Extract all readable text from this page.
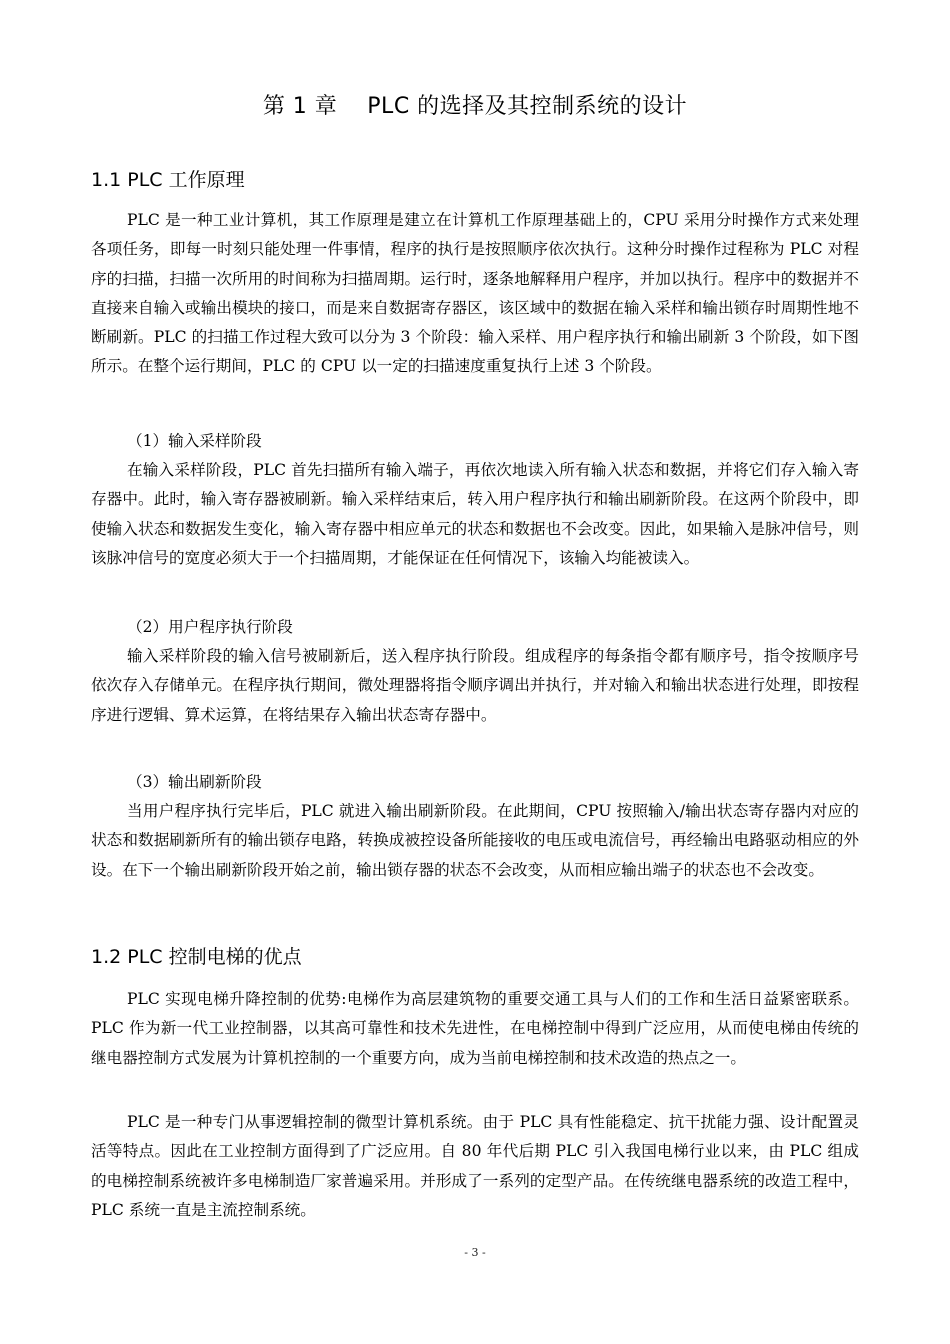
第 1 章　 PLC 的选择及其控制系统的设计
1.1 PLC 工作原理

PLC 是一种工业计算机，其工作原理是建立在计算机工作原理基础上的，CPU 采用分时操作方式来处理各项任务，即每一时刻只能处理一件事情，程序的执行是按照顺序依次执行。这种分时操作过程称为 PLC 对程序的扫描，扫描一次所用的时间称为扫描周期。运行时，逐条地解释用户程序，并加以执行。程序中的数据并不直接来自输入或输出模块的接口，而是来自数据寄存器区，该区域中的数据在输入采样和输出锁存时周期性地不断刷新。PLC 的扫描工作过程大致可以分为 3 个阶段：输入采样、用户程序执行和输出刷新 3 个阶段，如下图所示。在整个运行期间，PLC 的 CPU 以一定的扫描速度重复执行上述 3 个阶段。

（1）输入采样阶段

在输入采样阶段，PLC 首先扫描所有输入端子，再依次地读入所有输入状态和数据，并将它们存入输入寄存器中。此时，输入寄存器被刷新。输入采样结束后，转入用户程序执行和输出刷新阶段。在这两个阶段中，即使输入状态和数据发生变化，输入寄存器中相应单元的状态和数据也不会改变。因此，如果输入是脉冲信号，则该脉冲信号的宽度必须大于一个扫描周期，才能保证在任何情况下，该输入均能被读入。

（2）用户程序执行阶段

输入采样阶段的输入信号被刷新后，送入程序执行阶段。组成程序的每条指令都有顺序号，指令按顺序号依次存入存储单元。在程序执行期间，微处理器将指令顺序调出并执行，并对输入和输出状态进行处理，即按程序进行逻辑、算术运算，在将结果存入输出状态寄存器中。

（3）输出刷新阶段

当用户程序执行完毕后，PLC 就进入输出刷新阶段。在此期间，CPU 按照输入/输出状态寄存器内对应的状态和数据刷新所有的输出锁存电路，转换成被控设备所能接收的电压或电流信号，再经输出电路驱动相应的外设。在下一个输出刷新阶段开始之前，输出锁存器的状态不会改变，从而相应输出端子的状态也不会改变。

1.2 PLC 控制电梯的优点

PLC 实现电梯升降控制的优势:电梯作为高层建筑物的重要交通工具与人们的工作和生活日益紧密联系。PLC 作为新一代工业控制器，以其高可靠性和技术先进性，在电梯控制中得到广泛应用，从而使电梯由传统的继电器控制方式发展为计算机控制的一个重要方向，成为当前电梯控制和技术改造的热点之一。

PLC 是一种专门从事逻辑控制的微型计算机系统。由于 PLC 具有性能稳定、抗干扰能力强、设计配置灵活等特点。因此在工业控制方面得到了广泛应用。自 80 年代后期 PLC 引入我国电梯行业以来，由 PLC 组成的电梯控制系统被许多电梯制造厂家普遍采用。并形成了一系列的定型产品。在传统继电器系统的改造工程中，PLC 系统一直是主流控制系统。

- 3 -
